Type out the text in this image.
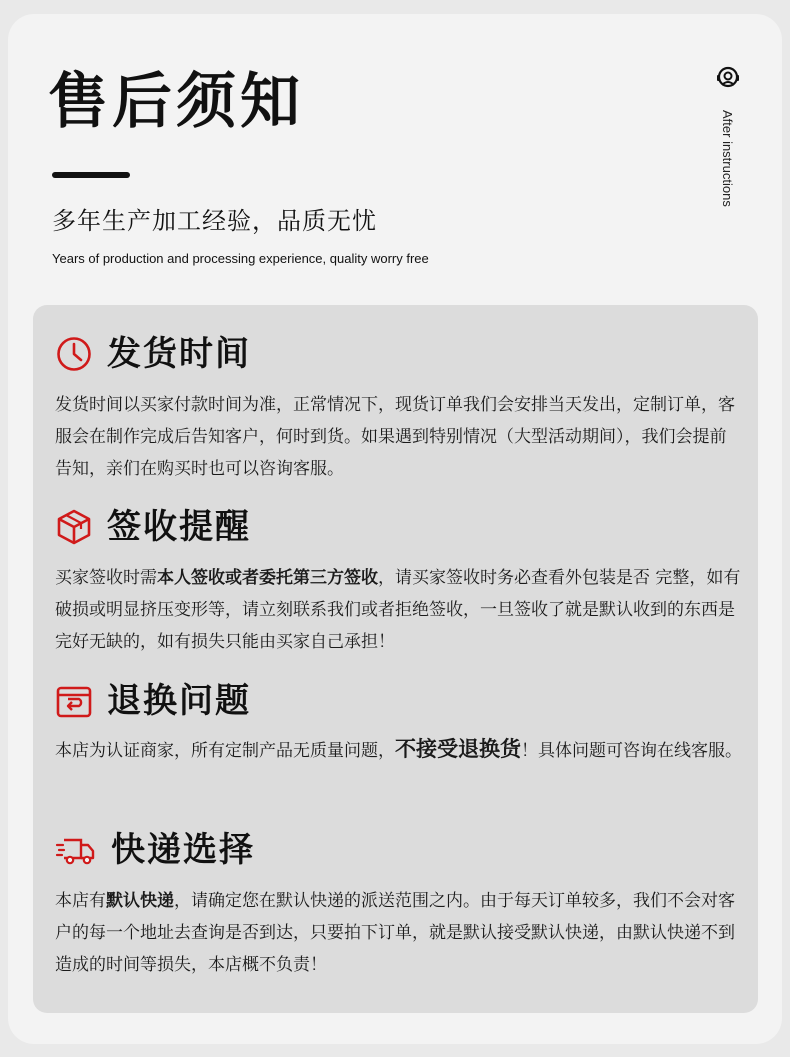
售后须知
多年生产加工经验，品质无忧
Years of production and processing experience, quality worry free
After instructions
发货时间

发货时间以买家付款时间为准，正常情况下，现货订单我们会安排当天发出，定制订单，客服会在制作完成后告知客户，何时到货。如果遇到特别情况（大型活动期间），我们会提前告知，亲们在购买时也可以咨询客服。

签收提醒

买家签收时需本人签收或者委托第三方签收，请买家签收时务必查看外包装是否 完整，如有破损或明显挤压变形等，请立刻联系我们或者拒绝签收，一旦签收了就是默认收到的东西是完好无缺的，如有损失只能由买家自己承担！

退换问题

本店为认证商家，所有定制产品无质量问题，不接受退换货！具体问题可咨询在线客服。

快递选择

本店有默认快递，请确定您在默认快递的派送范围之内。由于每天订单较多，我们不会对客户的每一个地址去查询是否到达，只要拍下订单，就是默认接受默认快递，由默认快递不到造成的时间等损失，本店概不负责！
